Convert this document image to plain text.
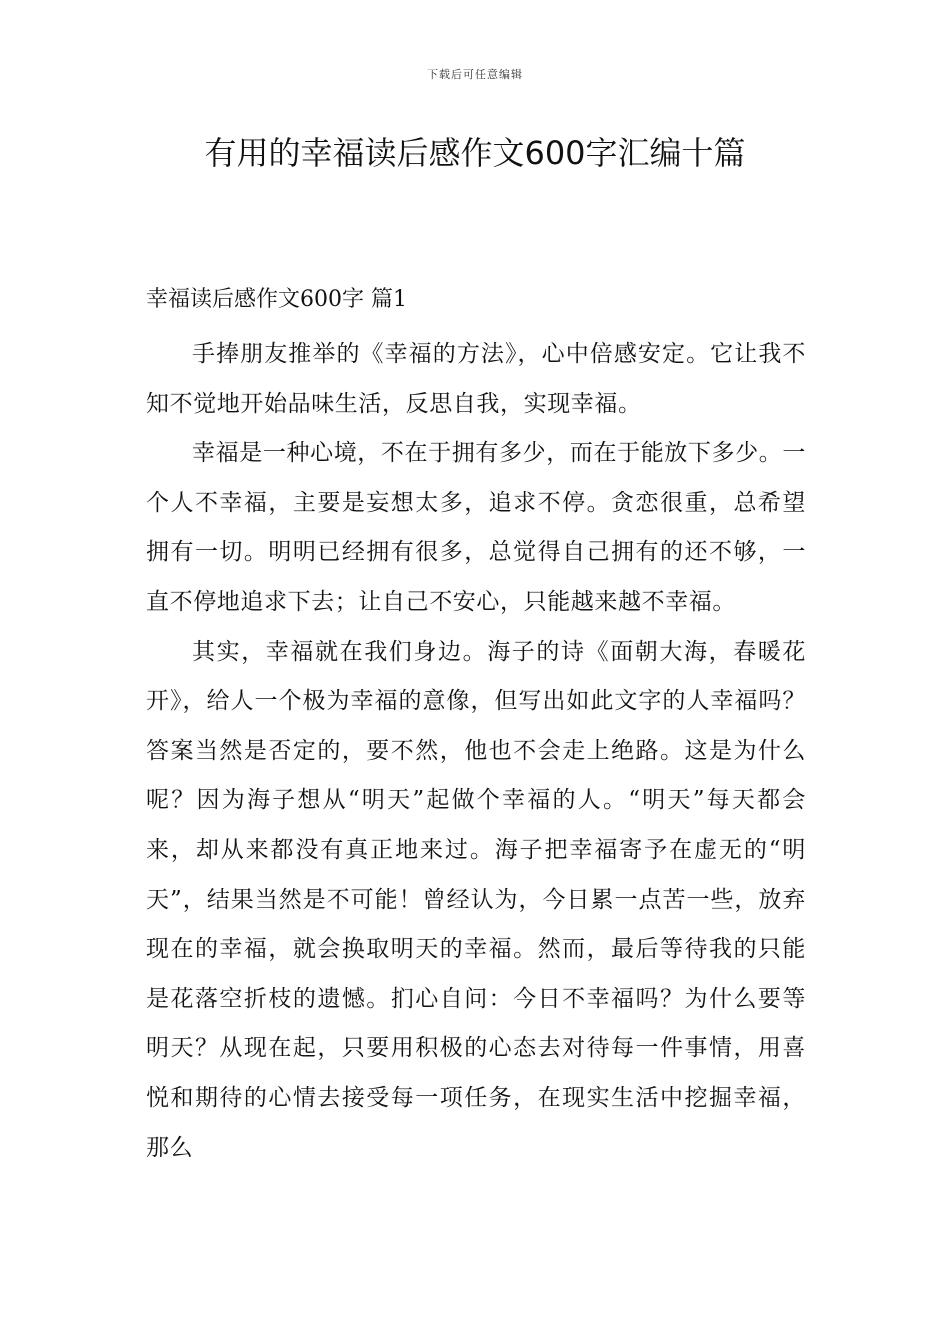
下载后可任意编辑
有用的幸福读后感作文600字汇编十篇

幸福读后感作文600字 篇1

手捧朋友推举的《幸福的方法》，心中倍感安定。它让我不知不觉地开始品味生活，反思自我，实现幸福。

幸福是一种心境，不在于拥有多少，而在于能放下多少。一个人不幸福，主要是妄想太多，追求不停。贪恋很重，总希望拥有一切。明明已经拥有很多，总觉得自己拥有的还不够，一直不停地追求下去；让自己不安心，只能越来越不幸福。

其实，幸福就在我们身边。海子的诗《面朝大海，春暖花开》，给人一个极为幸福的意像，但写出如此文字的人幸福吗？答案当然是否定的，要不然，他也不会走上绝路。这是为什么呢？因为海子想从“明天”起做个幸福的人。“明天”每天都会来，却从来都没有真正地来过。海子把幸福寄予在虚无的“明天”，结果当然是不可能！曾经认为，今日累一点苦一些，放弃现在的幸福，就会换取明天的幸福。然而，最后等待我的只能是花落空折枝的遗憾。扪心自问：今日不幸福吗？为什么要等明天？从现在起，只要用积极的心态去对待每一件事情，用喜悦和期待的心情去接受每一项任务，在现实生活中挖掘幸福，那么
